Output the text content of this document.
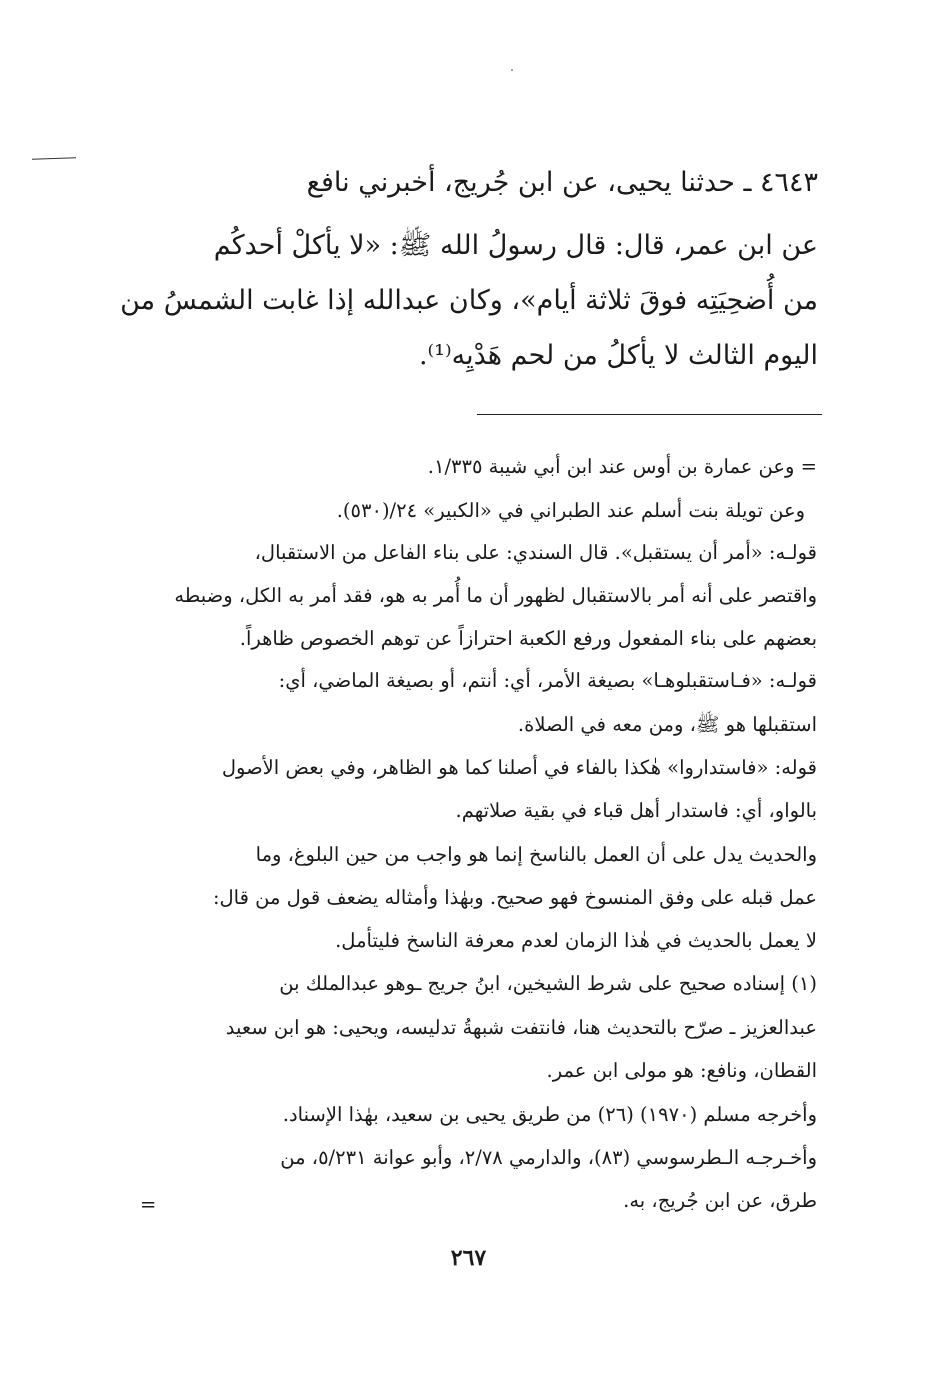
٤٦٤٣ ـ حدثنا يحيى، عن ابن جُريج، أخبرني نافع
عن ابن عمر، قال: قال رسولُ الله ﷺ: «لا يأكلْ أحدكُم
من أُضحِيَتِه فوقَ ثلاثة أيام»، وكان عبدالله إذا غابت الشمسُ من
اليوم الثالث لا يأكلُ من لحم هَدْيِه⁽¹⁾.
= وعن عمارة بن أوس عند ابن أبي شيبة ١/٣٣٥.
وعن تويلة بنت أسلم عند الطبراني في «الكبير» ٢٤/(٥٣٠).
قولـه: «أمر أن يستقبل». قال السندي: على بناء الفاعل من الاستقبال،
واقتصر على أنه أمر بالاستقبال لظهور أن ما أُمر به هو، فقد أمر به الكل، وضبطه
بعضهم على بناء المفعول ورفع الكعبة احترازاً عن توهم الخصوص ظاهراً.
قولـه: «فـاستقبلوهـا» بصيغة الأمر، أي: أنتم، أو بصيغة الماضي، أي:
استقبلها هو ﷺ، ومن معه في الصلاة.
قوله: «فاستداروا» هٰكذا بالفاء في أصلنا كما هو الظاهر، وفي بعض الأصول
بالواو، أي: فاستدار أهل قباء في بقية صلاتهم.
والحديث يدل على أن العمل بالناسخ إنما هو واجب من حين البلوغ، وما
عمل قبله على وفق المنسوخ فهو صحيح. وبهٰذا وأمثاله يضعف قول من قال:
لا يعمل بالحديث في هٰذا الزمان لعدم معرفة الناسخ فليتأمل.
(١) إسناده صحيح على شرط الشيخين، ابنُ جريج ـوهو عبدالملك بن
عبدالعزيز ـ صرّح بالتحديث هنا، فانتفت شبهةُ تدليسه، ويحيى: هو ابن سعيد
القطان، ونافع: هو مولى ابن عمر.
وأخرجه مسلم (١٩٧٠) (٢٦) من طريق يحيى بن سعيد، بهٰذا الإسناد.
وأخـرجـه الـطرسوسي (٨٣)، والدارمي ٢/٧٨، وأبو عوانة ٥/٢٣١، من
طرق، عن ابن جُريج، به.
=
٢٦٧
